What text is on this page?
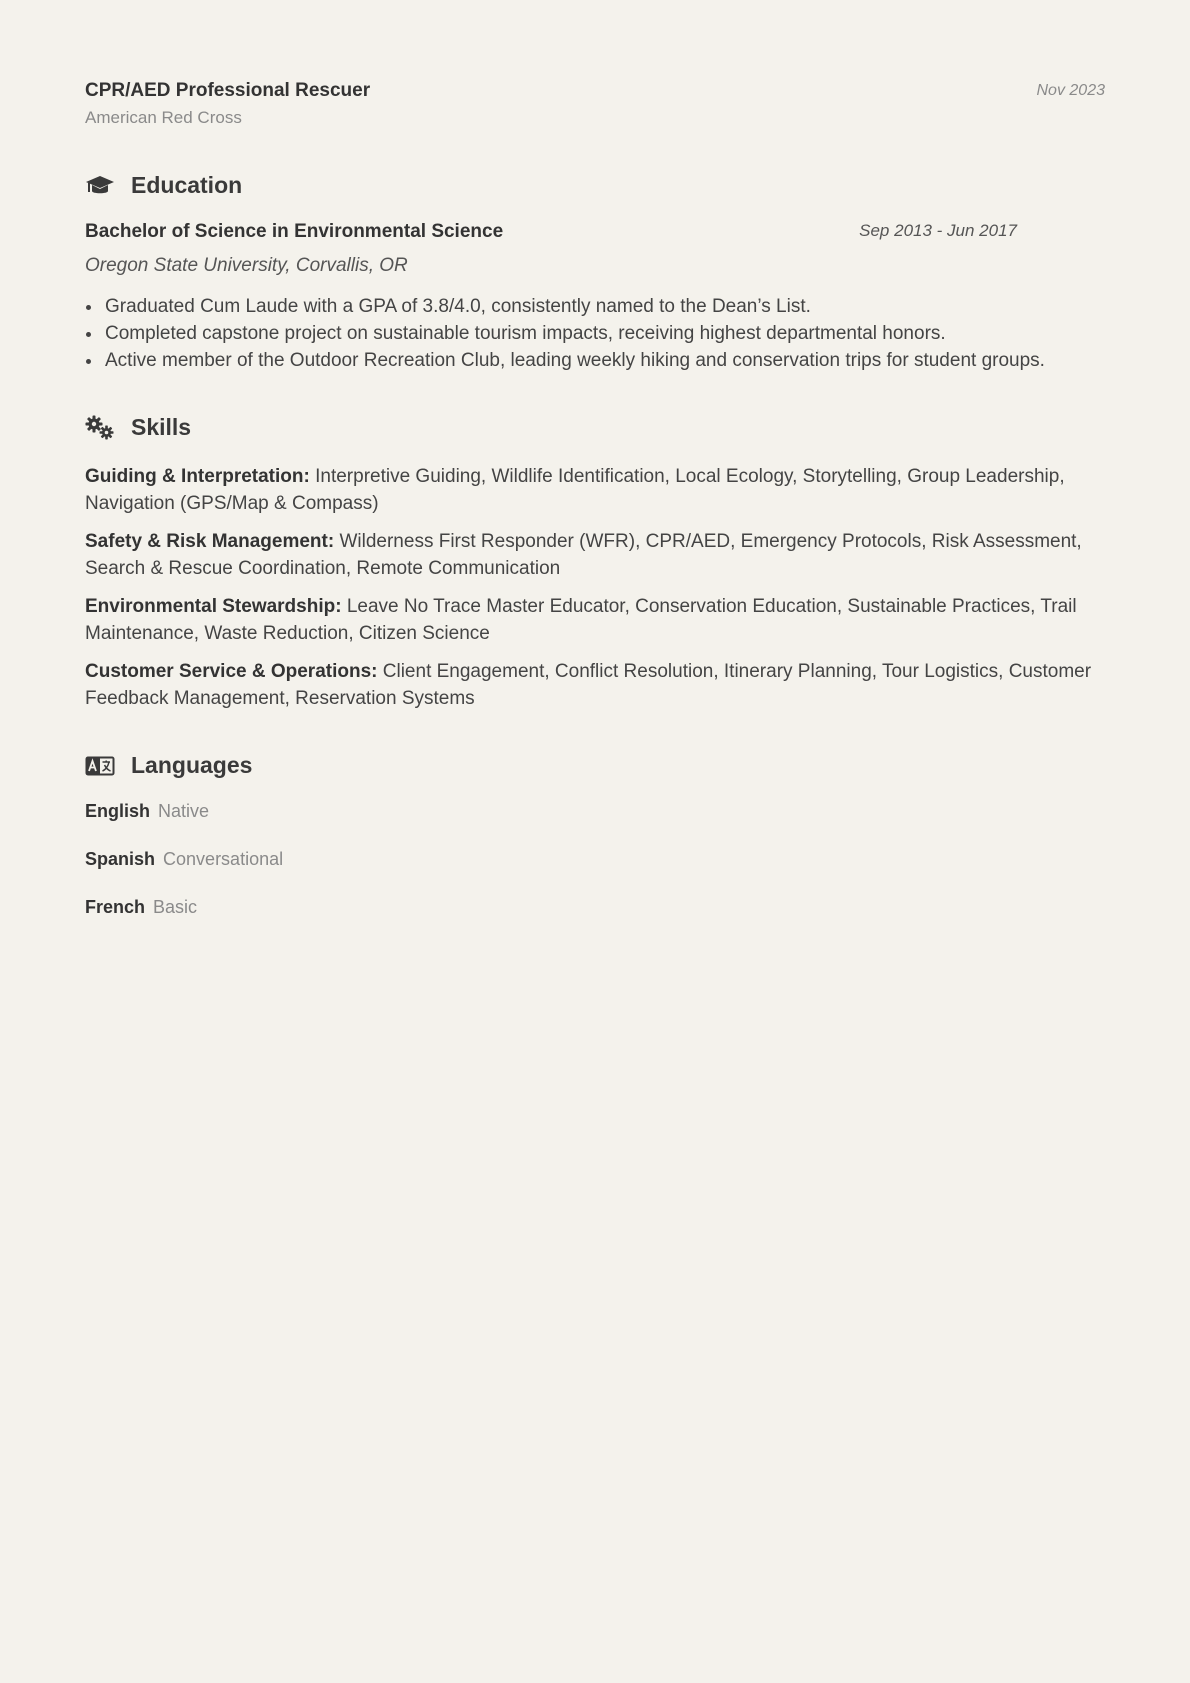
CPR/AED Professional Rescuer
American Red Cross
Nov 2023
Education
Bachelor of Science in Environmental Science	Sep 2013 - Jun 2017
Oregon State University, Corvallis, OR
• Graduated Cum Laude with a GPA of 3.8/4.0, consistently named to the Dean’s List.
• Completed capstone project on sustainable tourism impacts, receiving highest departmental honors.
• Active member of the Outdoor Recreation Club, leading weekly hiking and conservation trips for student groups.
Skills
Guiding & Interpretation: Interpretive Guiding, Wildlife Identification, Local Ecology, Storytelling, Group Leadership, Navigation (GPS/Map & Compass)
Safety & Risk Management: Wilderness First Responder (WFR), CPR/AED, Emergency Protocols, Risk Assessment, Search & Rescue Coordination, Remote Communication
Environmental Stewardship: Leave No Trace Master Educator, Conservation Education, Sustainable Practices, Trail Maintenance, Waste Reduction, Citizen Science
Customer Service & Operations: Client Engagement, Conflict Resolution, Itinerary Planning, Tour Logistics, Customer Feedback Management, Reservation Systems
Languages
English Native
Spanish Conversational
French Basic
